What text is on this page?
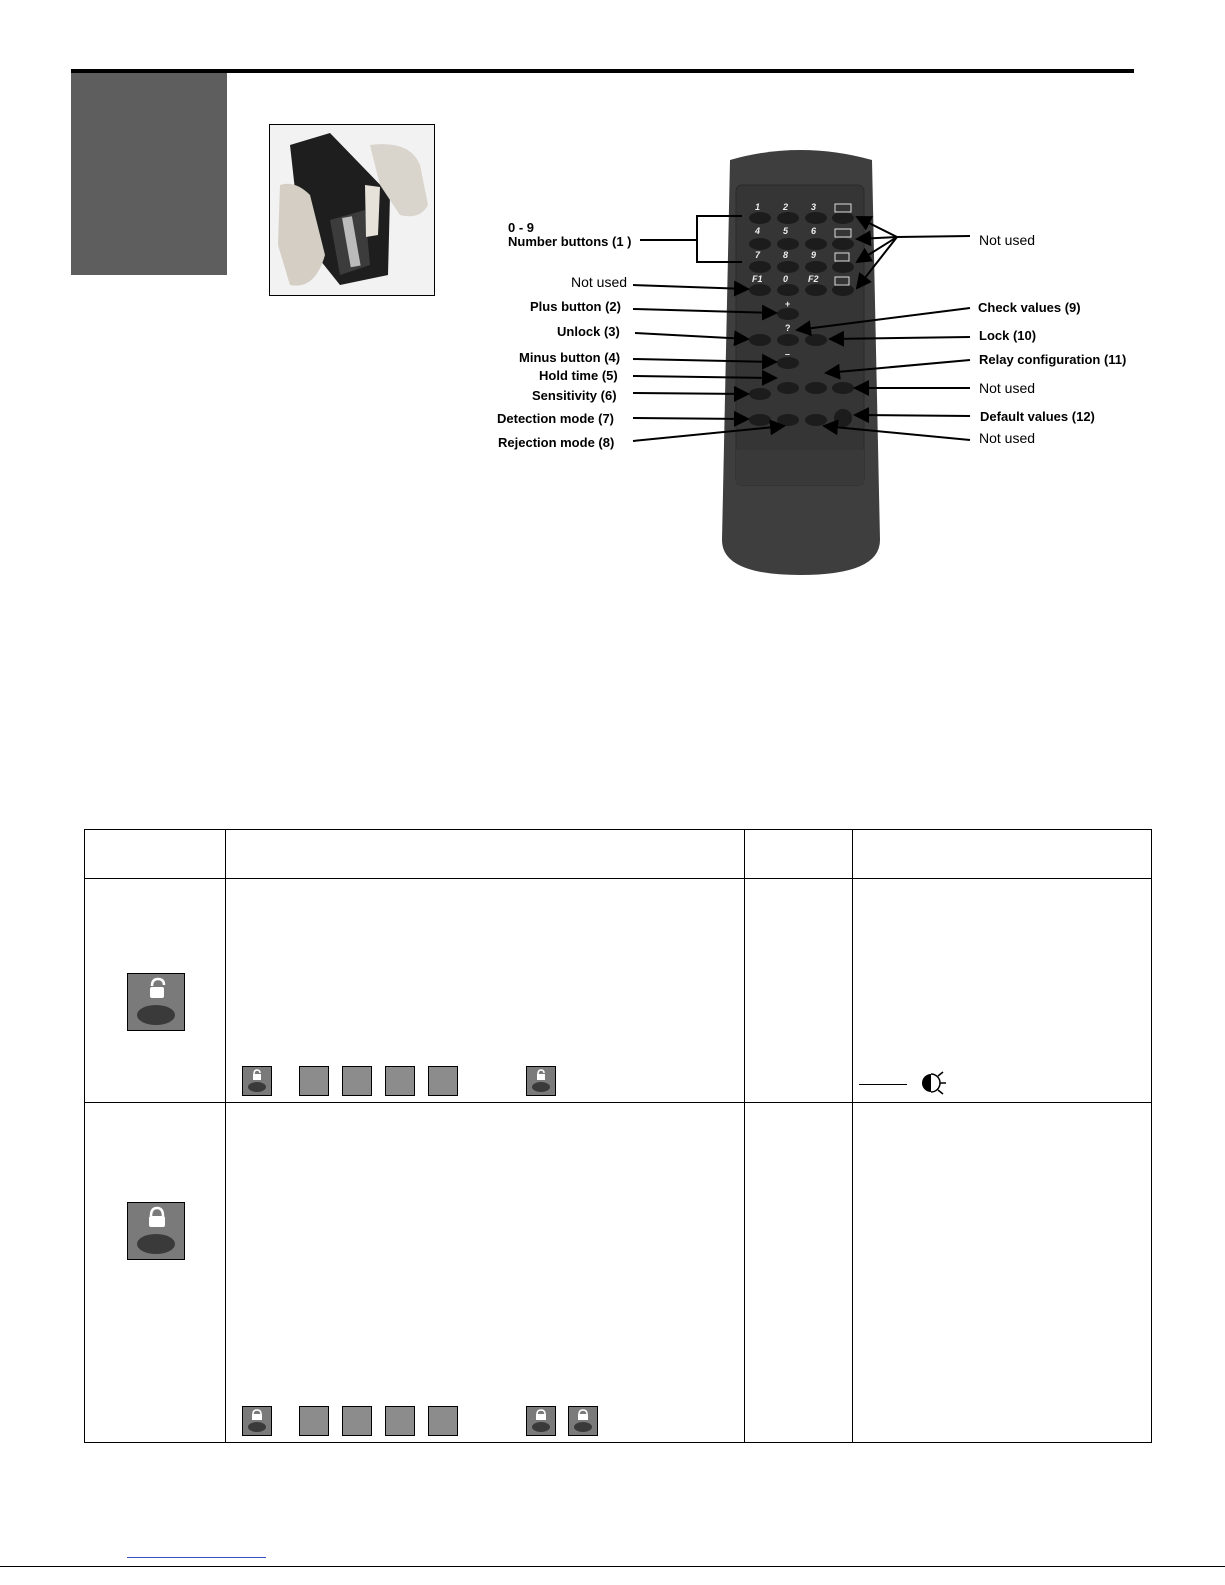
1	2	3
4	5	6
7	8	9
F1 0 F2
+
?
–
0 - 9
Number buttons (1 )
Not used
Plus button (2)
Unlock (3)
Minus button (4)
Hold time (5)
Sensitivity (6)
Detection mode (7)
Rejection mode (8)
Not used
Check values (9)
Lock (10)
Relay configuration (11)
Not used
Default values (12)
Not used
